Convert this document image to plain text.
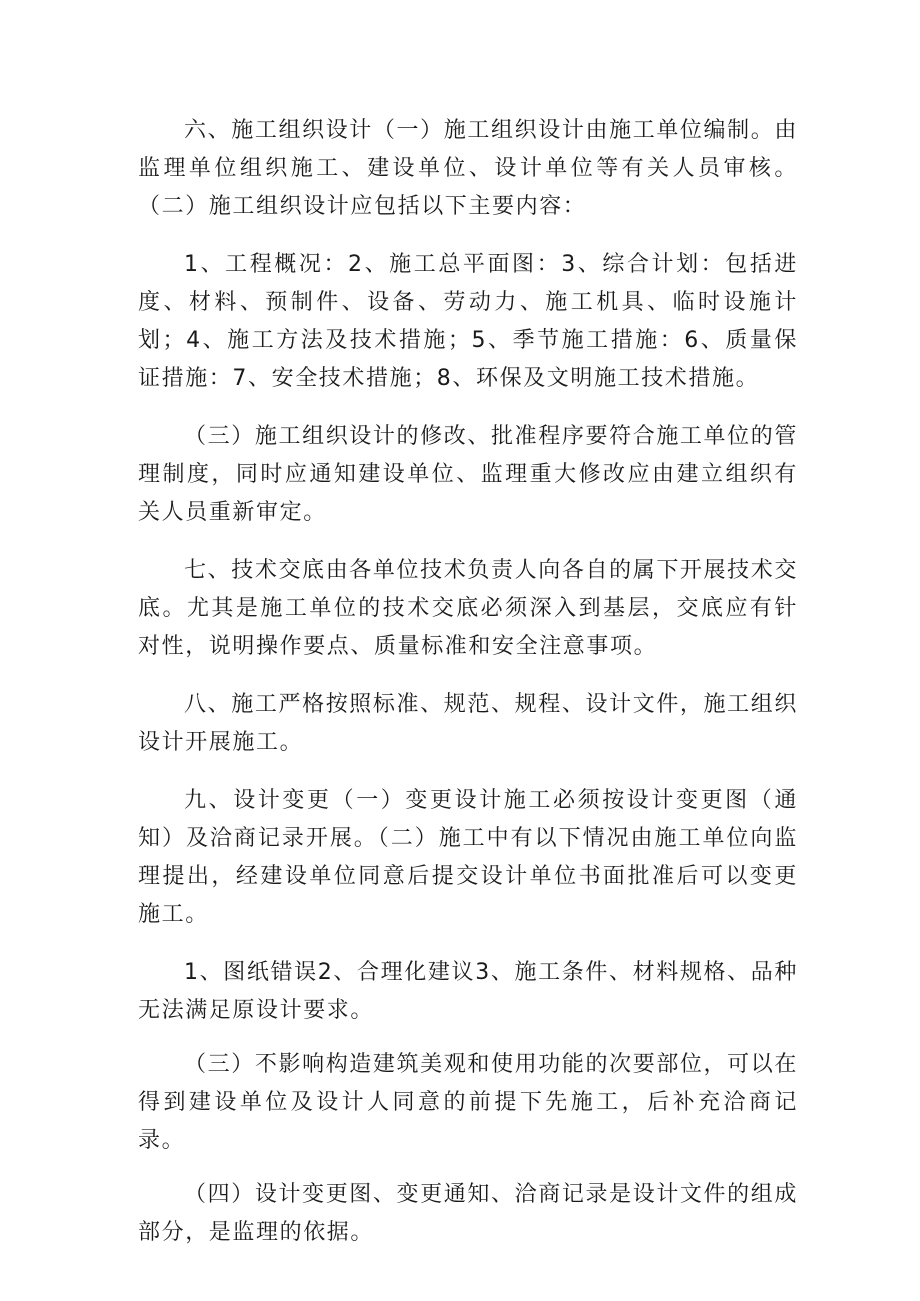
六、施工组织设计（一）施工组织设计由施工单位编制。由监理单位组织施工、建设单位、设计单位等有关人员审核。（二）施工组织设计应包括以下主要内容：

1、工程概况：2、施工总平面图：3、综合计划：包括进度、材料、预制件、设备、劳动力、施工机具、临时设施计划；4、施工方法及技术措施；5、季节施工措施：6、质量保证措施：7、安全技术措施；8、环保及文明施工技术措施。

（三）施工组织设计的修改、批准程序要符合施工单位的管理制度，同时应通知建设单位、监理重大修改应由建立组织有关人员重新审定。

七、技术交底由各单位技术负责人向各自的属下开展技术交底。尤其是施工单位的技术交底必须深入到基层，交底应有针对性，说明操作要点、质量标准和安全注意事项。

八、施工严格按照标准、规范、规程、设计文件，施工组织设计开展施工。

九、设计变更（一）变更设计施工必须按设计变更图（通知）及洽商记录开展。（二）施工中有以下情况由施工单位向监理提出，经建设单位同意后提交设计单位书面批准后可以变更施工。

1、图纸错误2、合理化建议3、施工条件、材料规格、品种无法满足原设计要求。

（三）不影响构造建筑美观和使用功能的次要部位，可以在得到建设单位及设计人同意的前提下先施工，后补充洽商记录。

（四）设计变更图、变更通知、洽商记录是设计文件的组成部分，是监理的依据。
